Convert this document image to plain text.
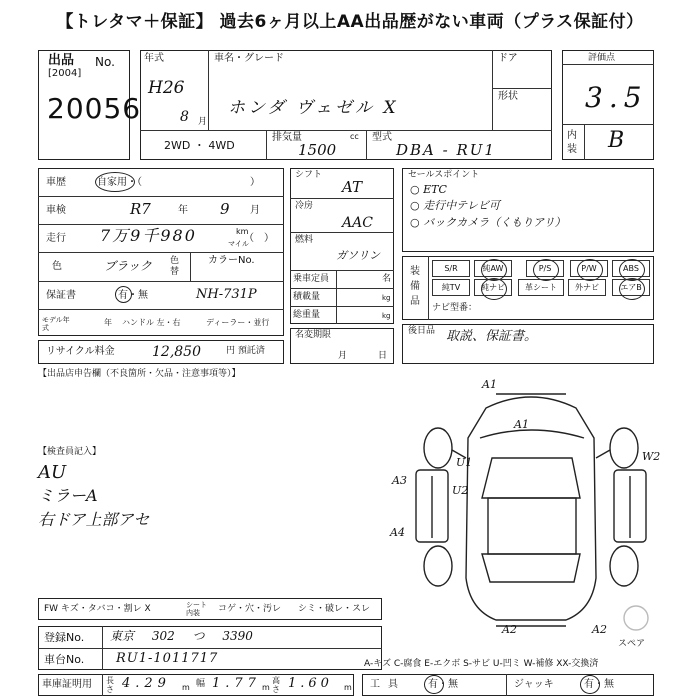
【トレタマ＋保証】 過去6ヶ月以上AA出品歴がない車両（プラス保証付）
出品 No.
[2004]
20056
年式
H26
8 月
車名・グレード
ホンダ ヴェゼル X
ドア
形状
2WD ・ 4WD
排気量	cc
1500
型式
DBA - RU1
評価点
3.5
内装 B
車歴	自家用・（	）
車検	R7	年 9 月
走行 7万9千980	km
マイル
（　）
色	ブラック 色替
カラーNo.
保証書	有・無	NH-731P
モデル年式
年 ハンドル 左・右	ディーラー・並行
リサイクル料金	12,850	円 預託済
シフト
AT
冷房
AAC
燃料
ガソリン
乗車定員	名
積載量	kg
総重量	kg
名変期限
月	日
セールスポイント
○ ETC
○ 走行中テレビ可
○ バックカメラ（くもりアリ）
装備品
S/R	純AW	P/S	P/W	ABS
純TV	純ナビ	革シート	外ナビ	エアB
ナビ型番：
後日品 取説、保証書。
【出品店申告欄（不良箇所・欠品・注意事項等）】
【検査員記入】
AU
ミラーA
右ドア上部アセ
A1
A1
A3
A4
A2	A2
U1
U2
W2
スペア
FW キズ・タバコ・割レ X	シート内装	コゲ・穴・汚レ シミ・破レ・スレ
登録No. 東京 302 つ 3390
車台No. RU1-1011717
車庫証明用 長さ 4.29 m 幅 1.77 m
高さ 1.60 m
A-キズ C-腐食 E-エクボ S-サビ U-凹ミ W-補修 XX-交換済
工具 有・無	ジャッキ	有・無
